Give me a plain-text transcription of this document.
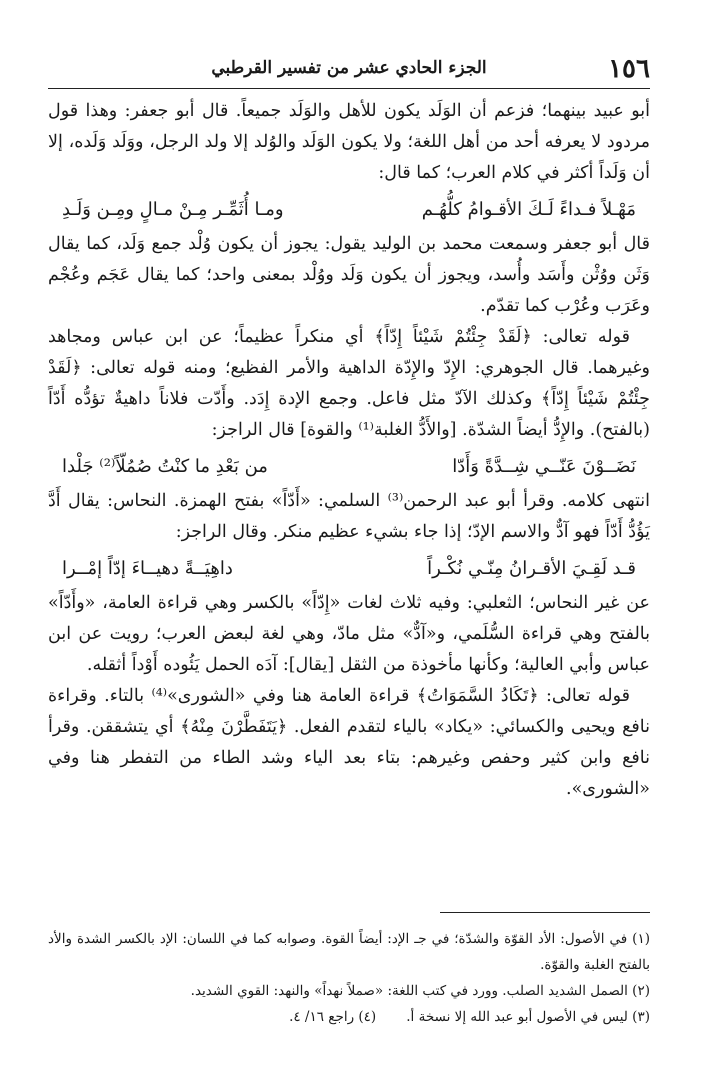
١٥٦
الجزء الحادي عشر من تفسير القرطبي

أبو عبيد بينهما؛ فزعم أن الوَلَد يكون للأهل والوَلَد جميعاً. قال أبو جعفر: وهذا قول مردود لا يعرفه أحد من أهل اللغة؛ ولا يكون الوَلَد والوُلد إلا ولد الرجل، ووَلَد وَلَده، إلا أن وَلَداً أكثر في كلام العرب؛ كما قال:

مَهْـلاً فـداءً لَـكَ الأقـوامُ كلُّهُـم
ومـا أُثَمِّـر مِـنْ مـالٍ ومِـن وَلَـدِ

قال أبو جعفر وسمعت محمد بن الوليد يقول: يجوز أن يكون وُلْد جمع وَلَد، كما يقال وَثَن ووُثْن وأَسَد وأُسد، ويجوز أن يكون وَلَد ووُلْد بمعنى واحد؛ كما يقال عَجَم وعُجْم وعَرَب وعُرْب كما تقدّم.

قوله تعالى: ﴿لَقَدْ جِئْتُمْ شَيْئاً إِدّاً﴾ أي منكراً عظيماً؛ عن ابن عباس ومجاهد وغيرهما. قال الجوهري: الإِدّ والإِدّة الداهية والأمر الفظيع؛ ومنه قوله تعالى: ﴿لَقَدْ جِئْتُمْ شَيْئاً إِدّاً﴾ وكذلك الآدّ مثل فاعل. وجمع الإدة إِدَد. وأَدّت فلاناً داهيةٌ تؤدُّه أَدّاً (بالفتح). والإِدُّ أيضاً الشدّة. [والأَدُّ الغلبة⁽¹⁾ والقوة] قال الراجز:

نَضَــوْنَ عَنّــي شِــدَّةً وَأَدّا
من بَعْدِ ما كنْتُ صُمُلّاً⁽²⁾ جَلْدا

انتهى كلامه. وقرأ أبو عبد الرحمن⁽³⁾ السلمي: «أَدّاً» بفتح الهمزة. النحاس: يقال أَدَّ يَؤُدُّ أَدّاً فهو آدٌّ والاسم الإدّ؛ إذا جاء بشيء عظيم منكر. وقال الراجز:

قـد لَقِـيَ الأقـرانُ مِنّـي نُكْـراً
داهِيَــةً دهيــاءَ إدّاً إمْــرا

عن غير النحاس؛ الثعلبي: وفيه ثلاث لغات «إِدّاً» بالكسر وهي قراءة العامة، «وأَدّاً» بالفتح وهي قراءة السُّلَمي، و«آدٌّ» مثل مادّ، وهي لغة لبعض العرب؛ رويت عن ابن عباس وأبي العالية؛ وكأنها مأخوذة من الثقل [يقال]: آدَه الحمل يَئُوده أَوْداً أثقله.

قوله تعالى: ﴿تَكَادُ السَّمَوَاتُ﴾ قراءة العامة هنا وفي «الشورى»⁽⁴⁾ بالتاء. وقراءة نافع ويحيى والكسائي: «يكاد» بالياء لتقدم الفعل. ﴿يَتَفَطَّرْنَ مِنْهُ﴾ أي يتشققن. وقرأ نافع وابن كثير وحفص وغيرهم: بتاء بعد الياء وشد الطاء من التفطر هنا وفي «الشورى».

(١) في الأصول: الأد القوّة والشدّة؛ في جـ الإد: أيضاً القوة. وصوابه كما في اللسان: الإد بالكسر الشدة والأد بالفتح الغلبة والقوّة.

(٢) الصمل الشديد الصلب. وورد في كتب اللغة: «صملاً نهداً» والنهد: القوي الشديد.

(٣) ليس في الأصول أبو عبد الله إلا نسخة أ.       (٤) راجع ١٦/ ٤.
